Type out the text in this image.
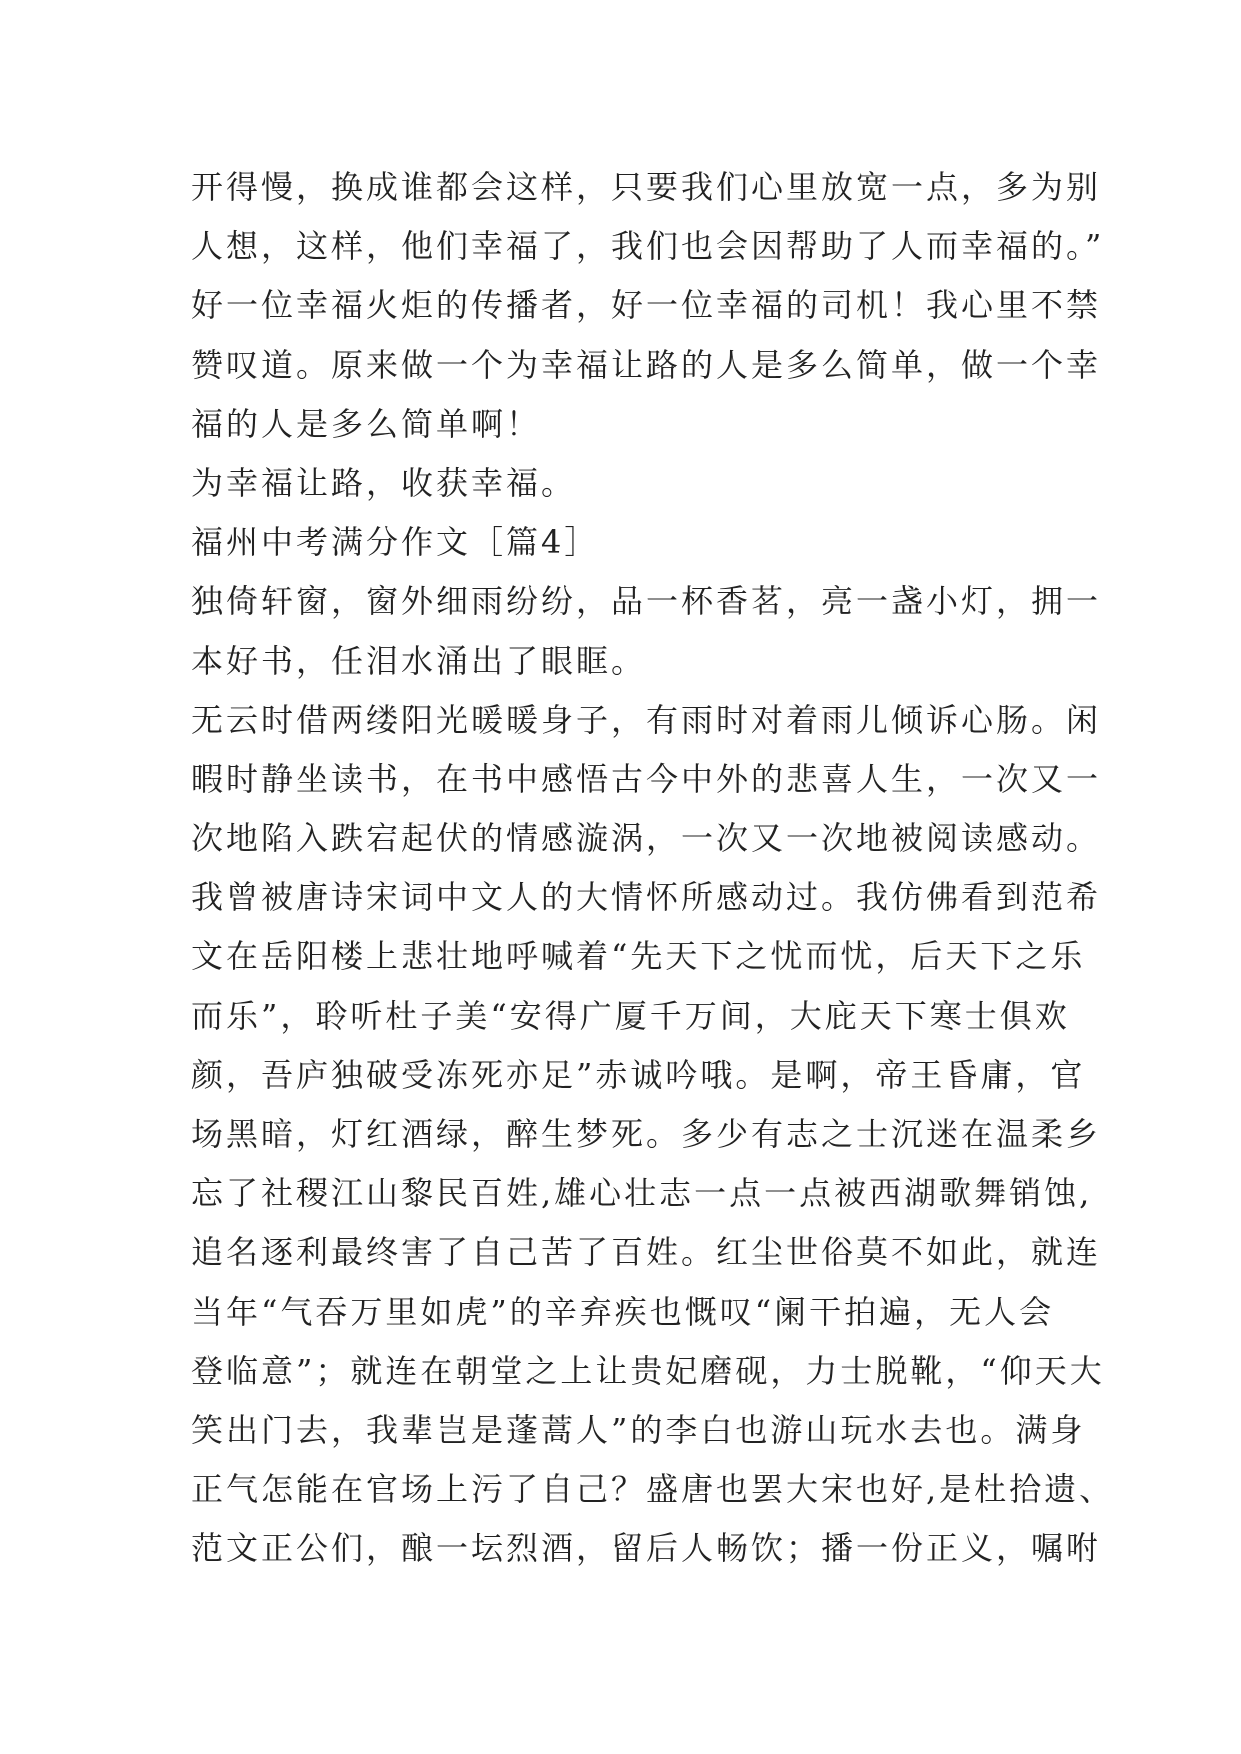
开得慢，换成谁都会这样，只要我们心里放宽一点，多为别

人想，这样，他们幸福了，我们也会因帮助了人而幸福的。”

好一位幸福火炬的传播者，好一位幸福的司机！我心里不禁

赞叹道。原来做一个为幸福让路的人是多么简单，做一个幸

福的人是多么简单啊！

为幸福让路，收获幸福。

福州中考满分作文［篇4］

独倚轩窗，窗外细雨纷纷，品一杯香茗，亮一盏小灯，拥一

本好书，任泪水涌出了眼眶。

无云时借两缕阳光暖暖身子，有雨时对着雨儿倾诉心肠。闲

暇时静坐读书，在书中感悟古今中外的悲喜人生，一次又一

次地陷入跌宕起伏的情感漩涡，一次又一次地被阅读感动。

我曾被唐诗宋词中文人的大情怀所感动过。我仿佛看到范希

文在岳阳楼上悲壮地呼喊着“先天下之忧而忧，后天下之乐

而乐”，聆听杜子美“安得广厦千万间，大庇天下寒士俱欢

颜，吾庐独破受冻死亦足”赤诚吟哦。是啊，帝王昏庸，官

场黑暗，灯红酒绿，醉生梦死。多少有志之士沉迷在温柔乡

忘了社稷江山黎民百姓,雄心壮志一点一点被西湖歌舞销蚀,

追名逐利最终害了自己苦了百姓。红尘世俗莫不如此，就连

当年“气吞万里如虎”的辛弃疾也慨叹“阑干拍遍，无人会

登临意”；就连在朝堂之上让贵妃磨砚，力士脱靴，“仰天大

笑出门去，我辈岂是蓬蒿人”的李白也游山玩水去也。满身

正气怎能在官场上污了自己？盛唐也罢大宋也好,是杜拾遗、

范文正公们，酿一坛烈酒，留后人畅饮；播一份正义，嘱咐
